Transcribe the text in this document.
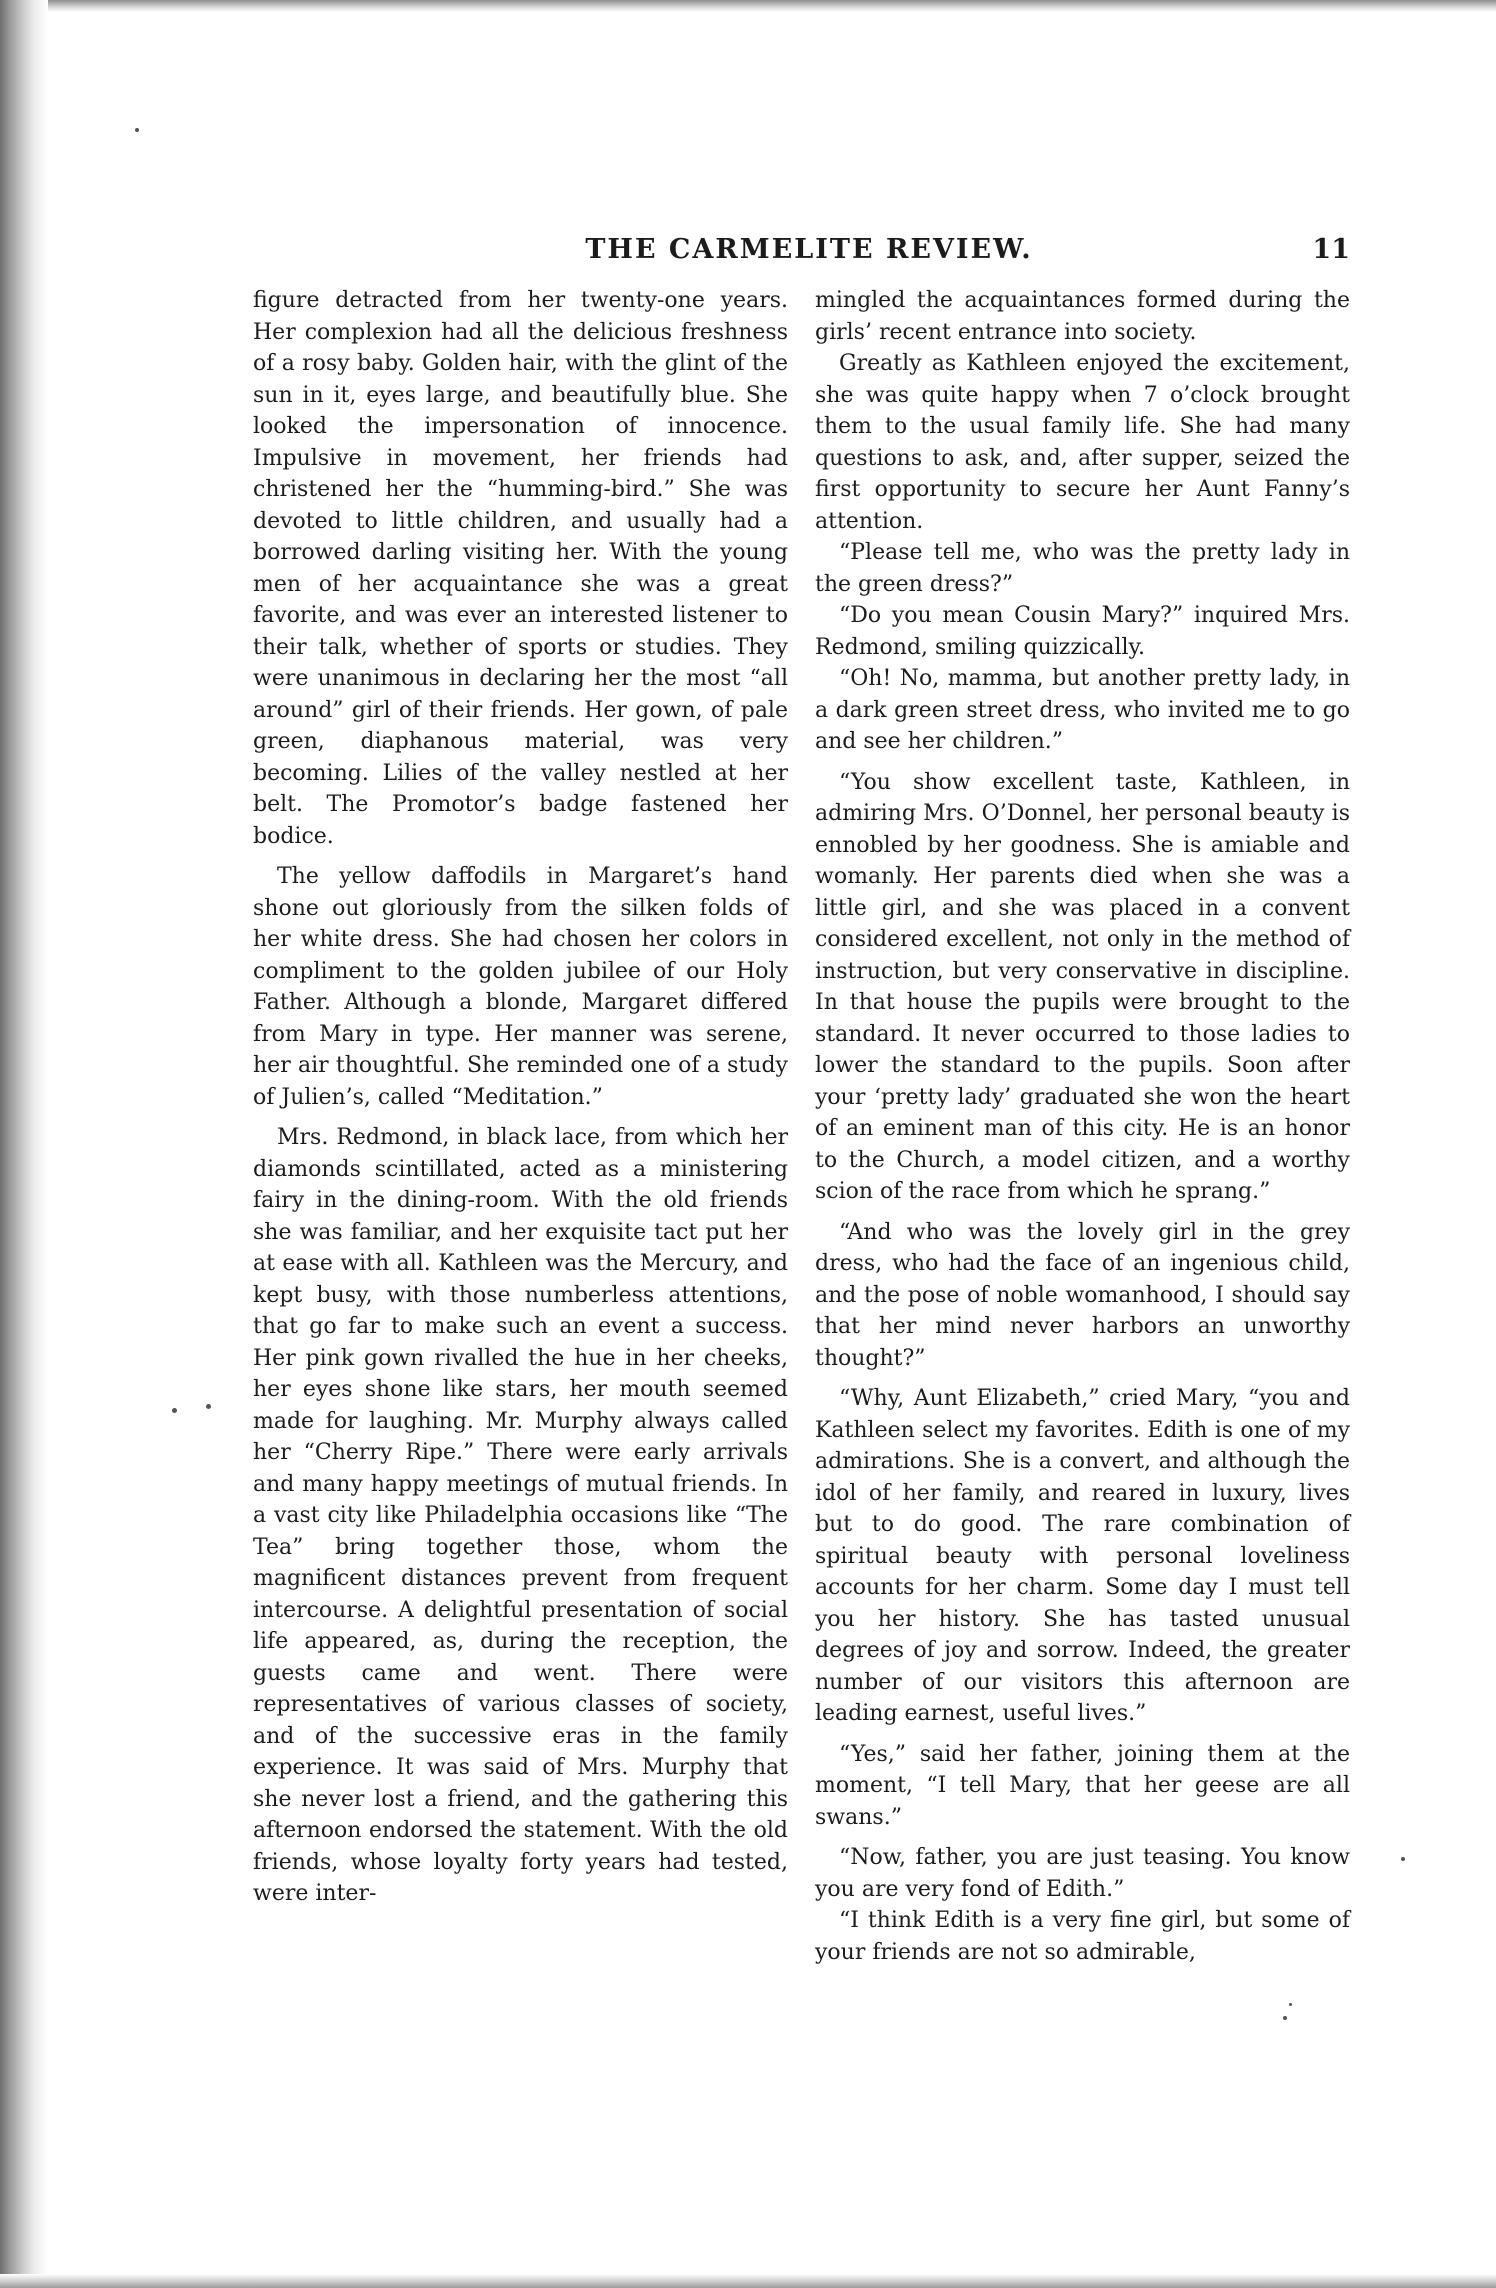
THE CARMELITE REVIEW.	11

figure detracted from her twenty-one years. Her complexion had all the delicious freshness of a rosy baby. Golden hair, with the glint of the sun in it, eyes large, and beautifully blue. She looked the impersonation of innocence. Impulsive in movement, her friends had christened her the “humming-bird.” She was devoted to little children, and usually had a borrowed darling visiting her. With the young men of her acquaintance she was a great favorite, and was ever an interested listener to their talk, whether of sports or studies. They were unanimous in declaring her the most “all around” girl of their friends. Her gown, of pale green, diaphanous material, was very becoming. Lilies of the valley nestled at her belt. The Promotor’s badge fastened her bodice.

The yellow daffodils in Margaret’s hand shone out gloriously from the silken folds of her white dress. She had chosen her colors in compliment to the golden jubilee of our Holy Father. Although a blonde, Margaret differed from Mary in type. Her manner was serene, her air thoughtful. She reminded one of a study of Julien’s, called “Meditation.”

Mrs. Redmond, in black lace, from which her diamonds scintillated, acted as a ministering fairy in the dining-room. With the old friends she was familiar, and her exquisite tact put her at ease with all. Kathleen was the Mercury, and kept busy, with those numberless attentions, that go far to make such an event a success. Her pink gown rivalled the hue in her cheeks, her eyes shone like stars, her mouth seemed made for laughing. Mr. Murphy always called her “Cherry Ripe.” There were early arrivals and many happy meetings of mutual friends. In a vast city like Philadelphia occasions like “The Tea” bring together those, whom the magnificent distances prevent from frequent intercourse. A delightful presentation of social life appeared, as, during the reception, the guests came and went. There were representatives of various classes of society, and of the successive eras in the family experience. It was said of Mrs. Murphy that she never lost a friend, and the gathering this afternoon endorsed the statement. With the old friends, whose loyalty forty years had tested, were inter-

mingled the acquaintances formed during the girls’ recent entrance into society.

Greatly as Kathleen enjoyed the excitement, she was quite happy when 7 o’clock brought them to the usual family life. She had many questions to ask, and, after supper, seized the first opportunity to secure her Aunt Fanny’s attention.

“Please tell me, who was the pretty lady in the green dress?”

“Do you mean Cousin Mary?” inquired Mrs. Redmond, smiling quizzically.

“Oh! No, mamma, but another pretty lady, in a dark green street dress, who invited me to go and see her children.”

“You show excellent taste, Kathleen, in admiring Mrs. O’Donnel, her personal beauty is ennobled by her goodness. She is amiable and womanly. Her parents died when she was a little girl, and she was placed in a convent considered excellent, not only in the method of instruction, but very conservative in discipline. In that house the pupils were brought to the standard. It never occurred to those ladies to lower the standard to the pupils. Soon after your ‘pretty lady’ graduated she won the heart of an eminent man of this city. He is an honor to the Church, a model citizen, and a worthy scion of the race from which he sprang.”

“And who was the lovely girl in the grey dress, who had the face of an ingenious child, and the pose of noble womanhood, I should say that her mind never harbors an unworthy thought?”

“Why, Aunt Elizabeth,” cried Mary, “you and Kathleen select my favorites. Edith is one of my admirations. She is a convert, and although the idol of her family, and reared in luxury, lives but to do good. The rare combination of spiritual beauty with personal loveliness accounts for her charm. Some day I must tell you her history. She has tasted unusual degrees of joy and sorrow. Indeed, the greater number of our visitors this afternoon are leading earnest, useful lives.”

“Yes,” said her father, joining them at the moment, “I tell Mary, that her geese are all swans.”

“Now, father, you are just teasing. You know you are very fond of Edith.”

“I think Edith is a very fine girl, but some of your friends are not so admirable,
